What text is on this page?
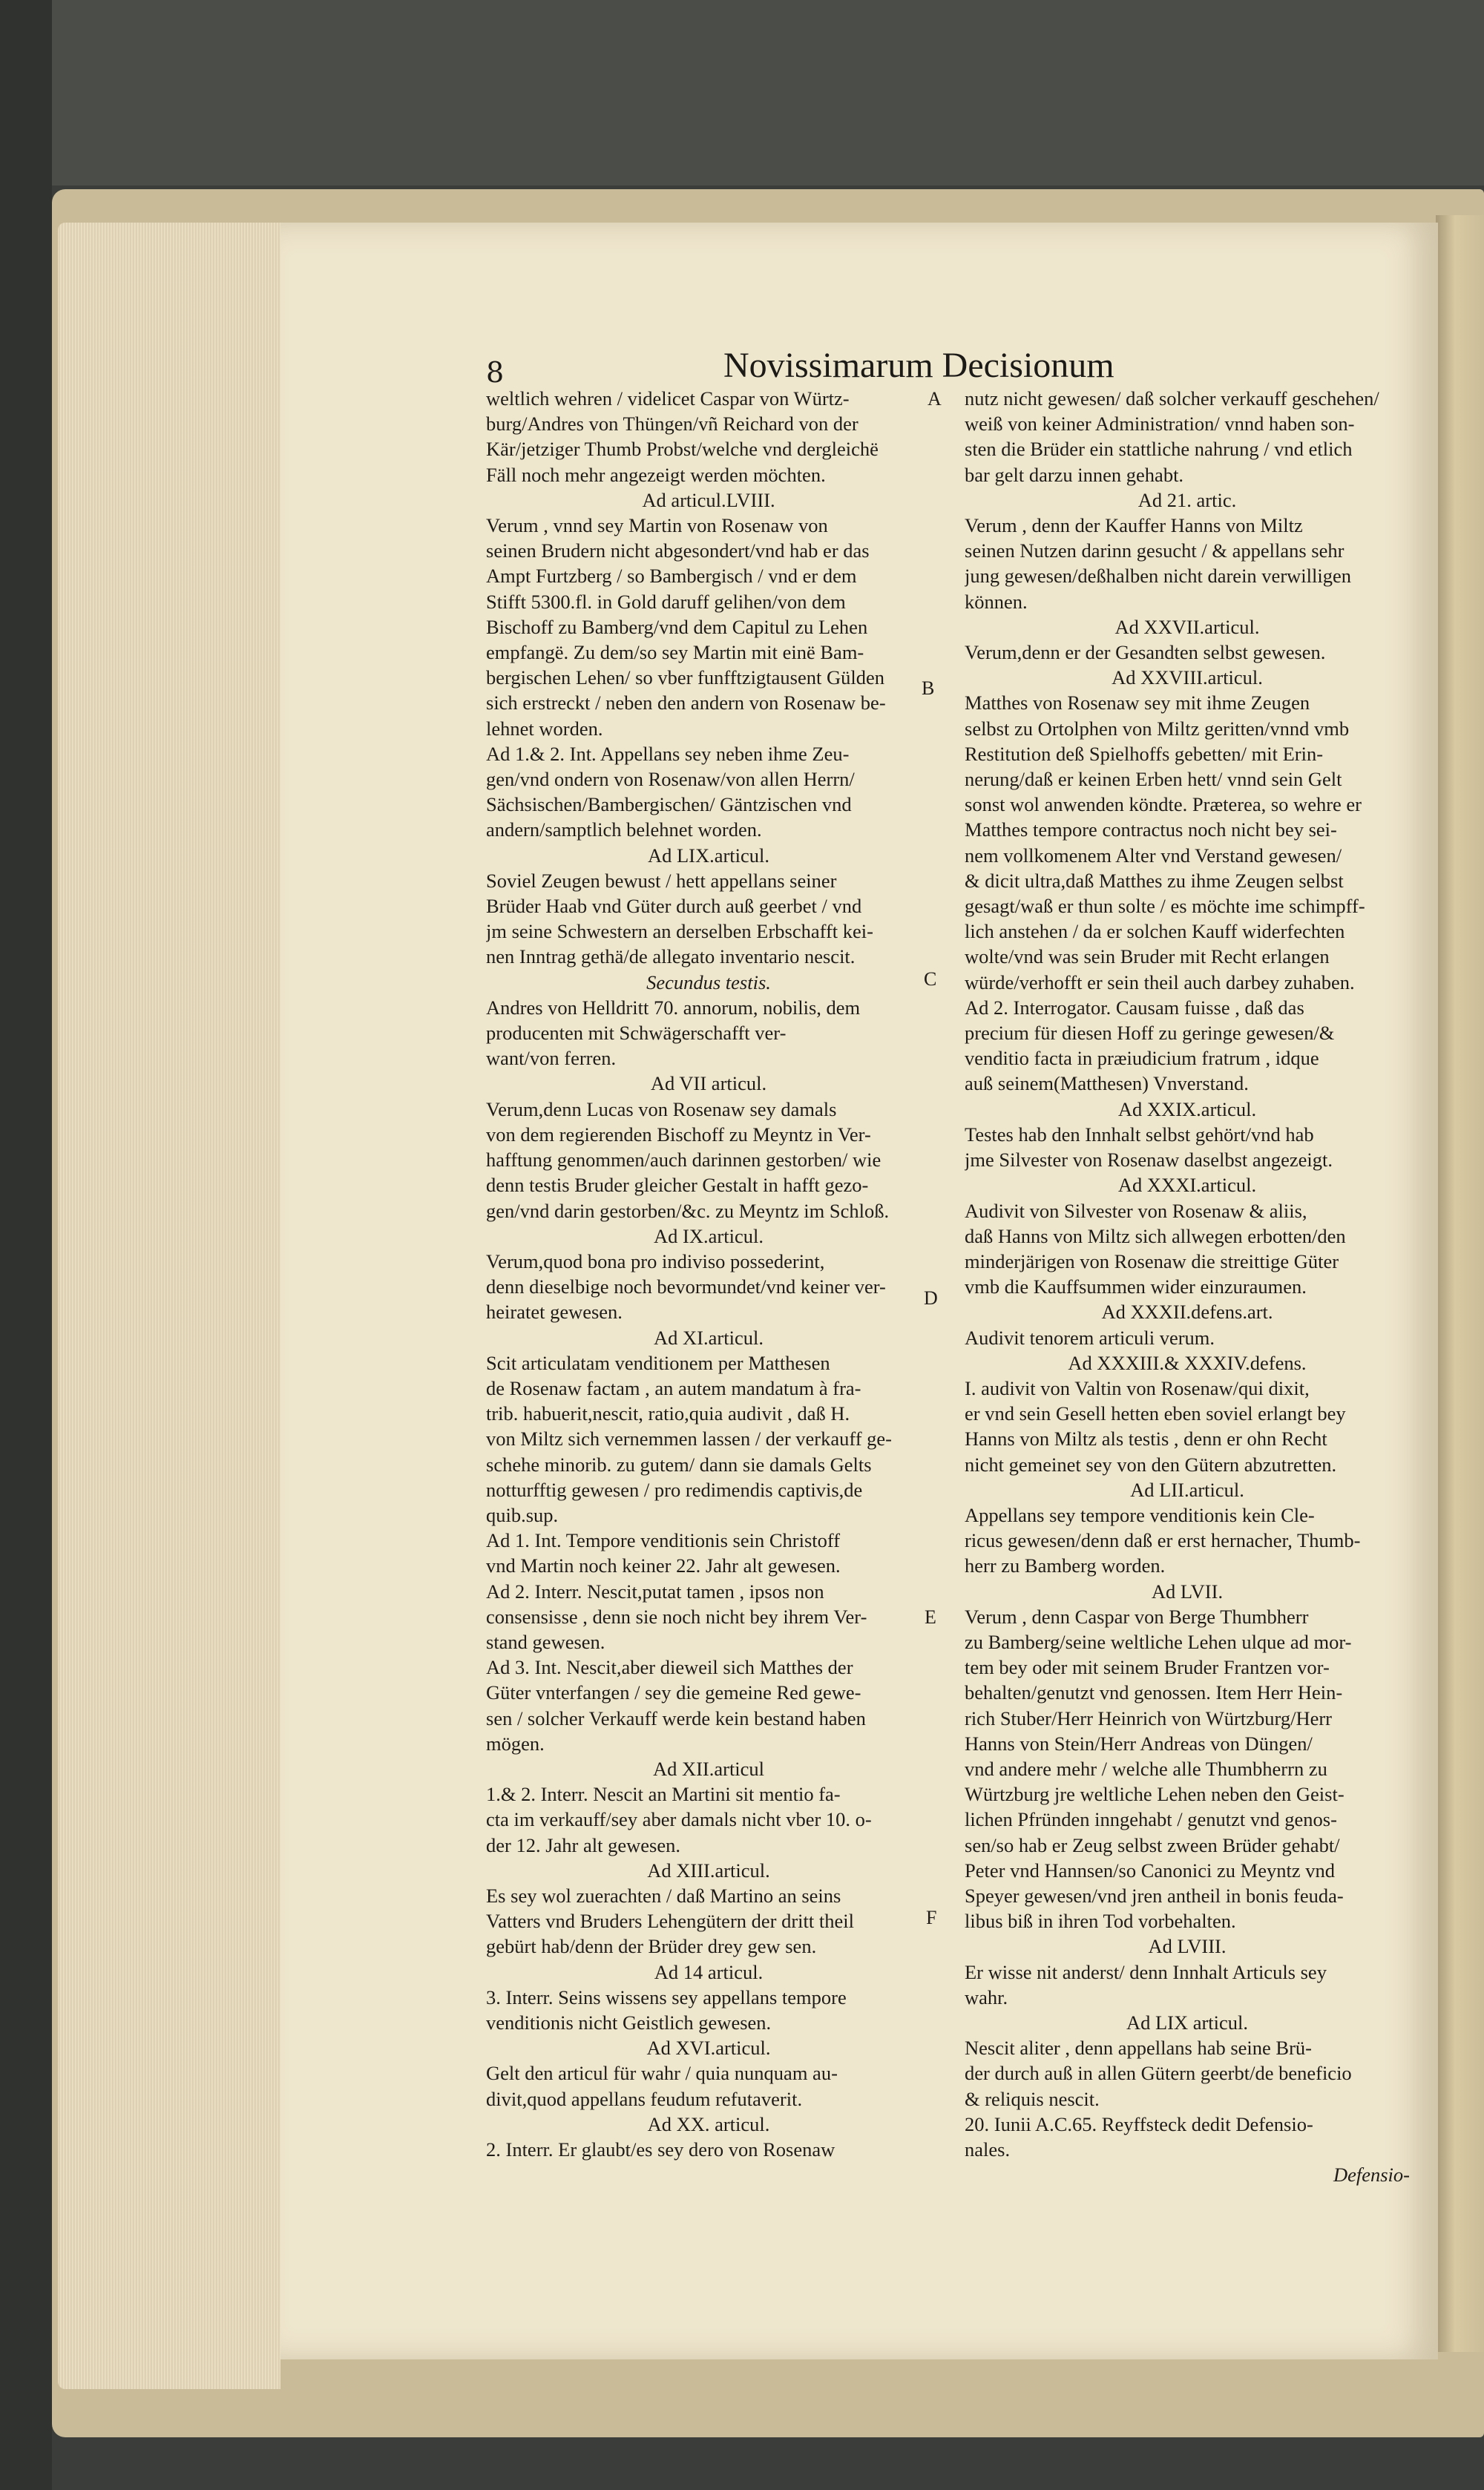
8	Novissimarum Decisionum
weltlich wehren / videlicet Caspar von Würtz-
burg/Andres von Thüngen/vñ Reichard von der
Kär/jetziger Thumb Probst/welche vnd dergleichë
Fäll noch mehr angezeigt werden möchten.
Ad articul.LVIII.
Verum , vnnd sey Martin von Rosenaw von
seinen Brudern nicht abgesondert/vnd hab er das
Ampt Furtzberg / so Bambergisch / vnd er dem
Stifft 5300.fl. in Gold daruff gelihen/von dem
Bischoff zu Bamberg/vnd dem Capitul zu Lehen
empfangë. Zu dem/so sey Martin mit einë Bam-
bergischen Lehen/ so vber funfftzigtausent Gülden
sich erstreckt / neben den andern von Rosenaw be-
lehnet worden.
Ad 1.& 2. Int. Appellans sey neben ihme Zeu-
gen/vnd ondern von Rosenaw/von allen Herrn/
Sächsischen/Bambergischen/ Gäntzischen vnd
andern/samptlich belehnet worden.
Ad LIX.articul.
Soviel Zeugen bewust / hett appellans seiner
Brüder Haab vnd Güter durch auß geerbet / vnd
jm seine Schwestern an derselben Erbschafft kei-
nen Inntrag gethä/de allegato inventario nescit.
Secundus testis.
Andres von Helldritt 70. annorum, nobilis, dem
producenten mit Schwägerschafft ver-
want/von ferren.
Ad VII articul.
Verum,denn Lucas von Rosenaw sey damals
von dem regierenden Bischoff zu Meyntz in Ver-
hafftung genommen/auch darinnen gestorben/ wie
denn testis Bruder gleicher Gestalt in hafft gezo-
gen/vnd darin gestorben/&c. zu Meyntz im Schloß.
Ad IX.articul.
Verum,quod bona pro indiviso possederint,
denn dieselbige noch bevormundet/vnd keiner ver-
heiratet gewesen.
Ad XI.articul.
Scit articulatam venditionem per Matthesen
de Rosenaw factam , an autem mandatum à fra-
trib. habuerit,nescit, ratio,quia audivit , daß H.
von Miltz sich vernemmen lassen / der verkauff ge-
schehe minorib. zu gutem/ dann sie damals Gelts
notturfftig gewesen / pro redimendis captivis,de
quib.sup.
Ad 1. Int. Tempore venditionis sein Christoff
vnd Martin noch keiner 22. Jahr alt gewesen.
Ad 2. Interr. Nescit,putat tamen , ipsos non
consensisse , denn sie noch nicht bey ihrem Ver-
stand gewesen.
Ad 3. Int. Nescit,aber dieweil sich Matthes der
Güter vnterfangen / sey die gemeine Red gewe-
sen / solcher Verkauff werde kein bestand haben
mögen.
Ad XII.articul
1.& 2. Interr. Nescit an Martini sit mentio fa-
cta im verkauff/sey aber damals nicht vber 10. o-
der 12. Jahr alt gewesen.
Ad XIII.articul.
Es sey wol zuerachten / daß Martino an seins
Vatters vnd Bruders Lehengütern der dritt theil
gebürt hab/denn der Brüder drey gew sen.
Ad 14 articul.
3. Interr. Seins wissens sey appellans tempore
venditionis nicht Geistlich gewesen.
Ad XVI.articul.
Gelt den articul für wahr / quia nunquam au-
divit,quod appellans feudum refutaverit.
Ad XX. articul.
2. Interr. Er glaubt/es sey dero von Rosenaw
nutz nicht gewesen/ daß solcher verkauff geschehen/
weiß von keiner Administration/ vnnd haben son-
sten die Brüder ein stattliche nahrung / vnd etlich
bar gelt darzu innen gehabt.
Ad 21. artic.
Verum , denn der Kauffer Hanns von Miltz
seinen Nutzen darinn gesucht / & appellans sehr
jung gewesen/deßhalben nicht darein verwilligen
können.
Ad XXVII.articul.
Verum,denn er der Gesandten selbst gewesen.
Ad XXVIII.articul.
Matthes von Rosenaw sey mit ihme Zeugen
selbst zu Ortolphen von Miltz geritten/vnnd vmb
Restitution deß Spielhoffs gebetten/ mit Erin-
nerung/daß er keinen Erben hett/ vnnd sein Gelt
sonst wol anwenden köndte. Præterea, so wehre er
Matthes tempore contractus noch nicht bey sei-
nem vollkomenem Alter vnd Verstand gewesen/
& dicit ultra,daß Matthes zu ihme Zeugen selbst
gesagt/waß er thun solte / es möchte ime schimpff-
lich anstehen / da er solchen Kauff widerfechten
wolte/vnd was sein Bruder mit Recht erlangen
würde/verhofft er sein theil auch darbey zuhaben.
Ad 2. Interrogator. Causam fuisse , daß das
precium für diesen Hoff zu geringe gewesen/&
venditio facta in præiudicium fratrum , idque
auß seinem(Matthesen) Vnverstand.
Ad XXIX.articul.
Testes hab den Innhalt selbst gehört/vnd hab
jme Silvester von Rosenaw daselbst angezeigt.
Ad XXXI.articul.
Audivit von Silvester von Rosenaw & aliis,
daß Hanns von Miltz sich allwegen erbotten/den
minderjärigen von Rosenaw die streittige Güter
vmb die Kauffsummen wider einzuraumen.
Ad XXXII.defens.art.
Audivit tenorem articuli verum.
Ad XXXIII.& XXXIV.defens.
I. audivit von Valtin von Rosenaw/qui dixit,
er vnd sein Gesell hetten eben soviel erlangt bey
Hanns von Miltz als testis , denn er ohn Recht
nicht gemeinet sey von den Gütern abzutretten.
Ad LII.articul.
Appellans sey tempore venditionis kein Cle-
ricus gewesen/denn daß er erst hernacher, Thumb-
herr zu Bamberg worden.
Ad LVII.
Verum , denn Caspar von Berge Thumbherr
zu Bamberg/seine weltliche Lehen ulque ad mor-
tem bey oder mit seinem Bruder Frantzen vor-
behalten/genutzt vnd genossen. Item Herr Hein-
rich Stuber/Herr Heinrich von Würtzburg/Herr
Hanns von Stein/Herr Andreas von Düngen/
vnd andere mehr / welche alle Thumbherrn zu
Würtzburg jre weltliche Lehen neben den Geist-
lichen Pfründen inngehabt / genutzt vnd genos-
sen/so hab er Zeug selbst zween Brüder gehabt/
Peter vnd Hannsen/so Canonici zu Meyntz vnd
Speyer gewesen/vnd jren antheil in bonis feuda-
libus biß in ihren Tod vorbehalten.
Ad LVIII.
Er wisse nit anderst/ denn Innhalt Articuls sey
wahr.
Ad LIX articul.
Nescit aliter , denn appellans hab seine Brü-
der durch auß in allen Gütern geerbt/de beneficio
& reliquis nescit.
20. Iunii A.C.65. Reyffsteck dedit Defensio-
nales.
Defensio-
A
B
C
D
E
F
